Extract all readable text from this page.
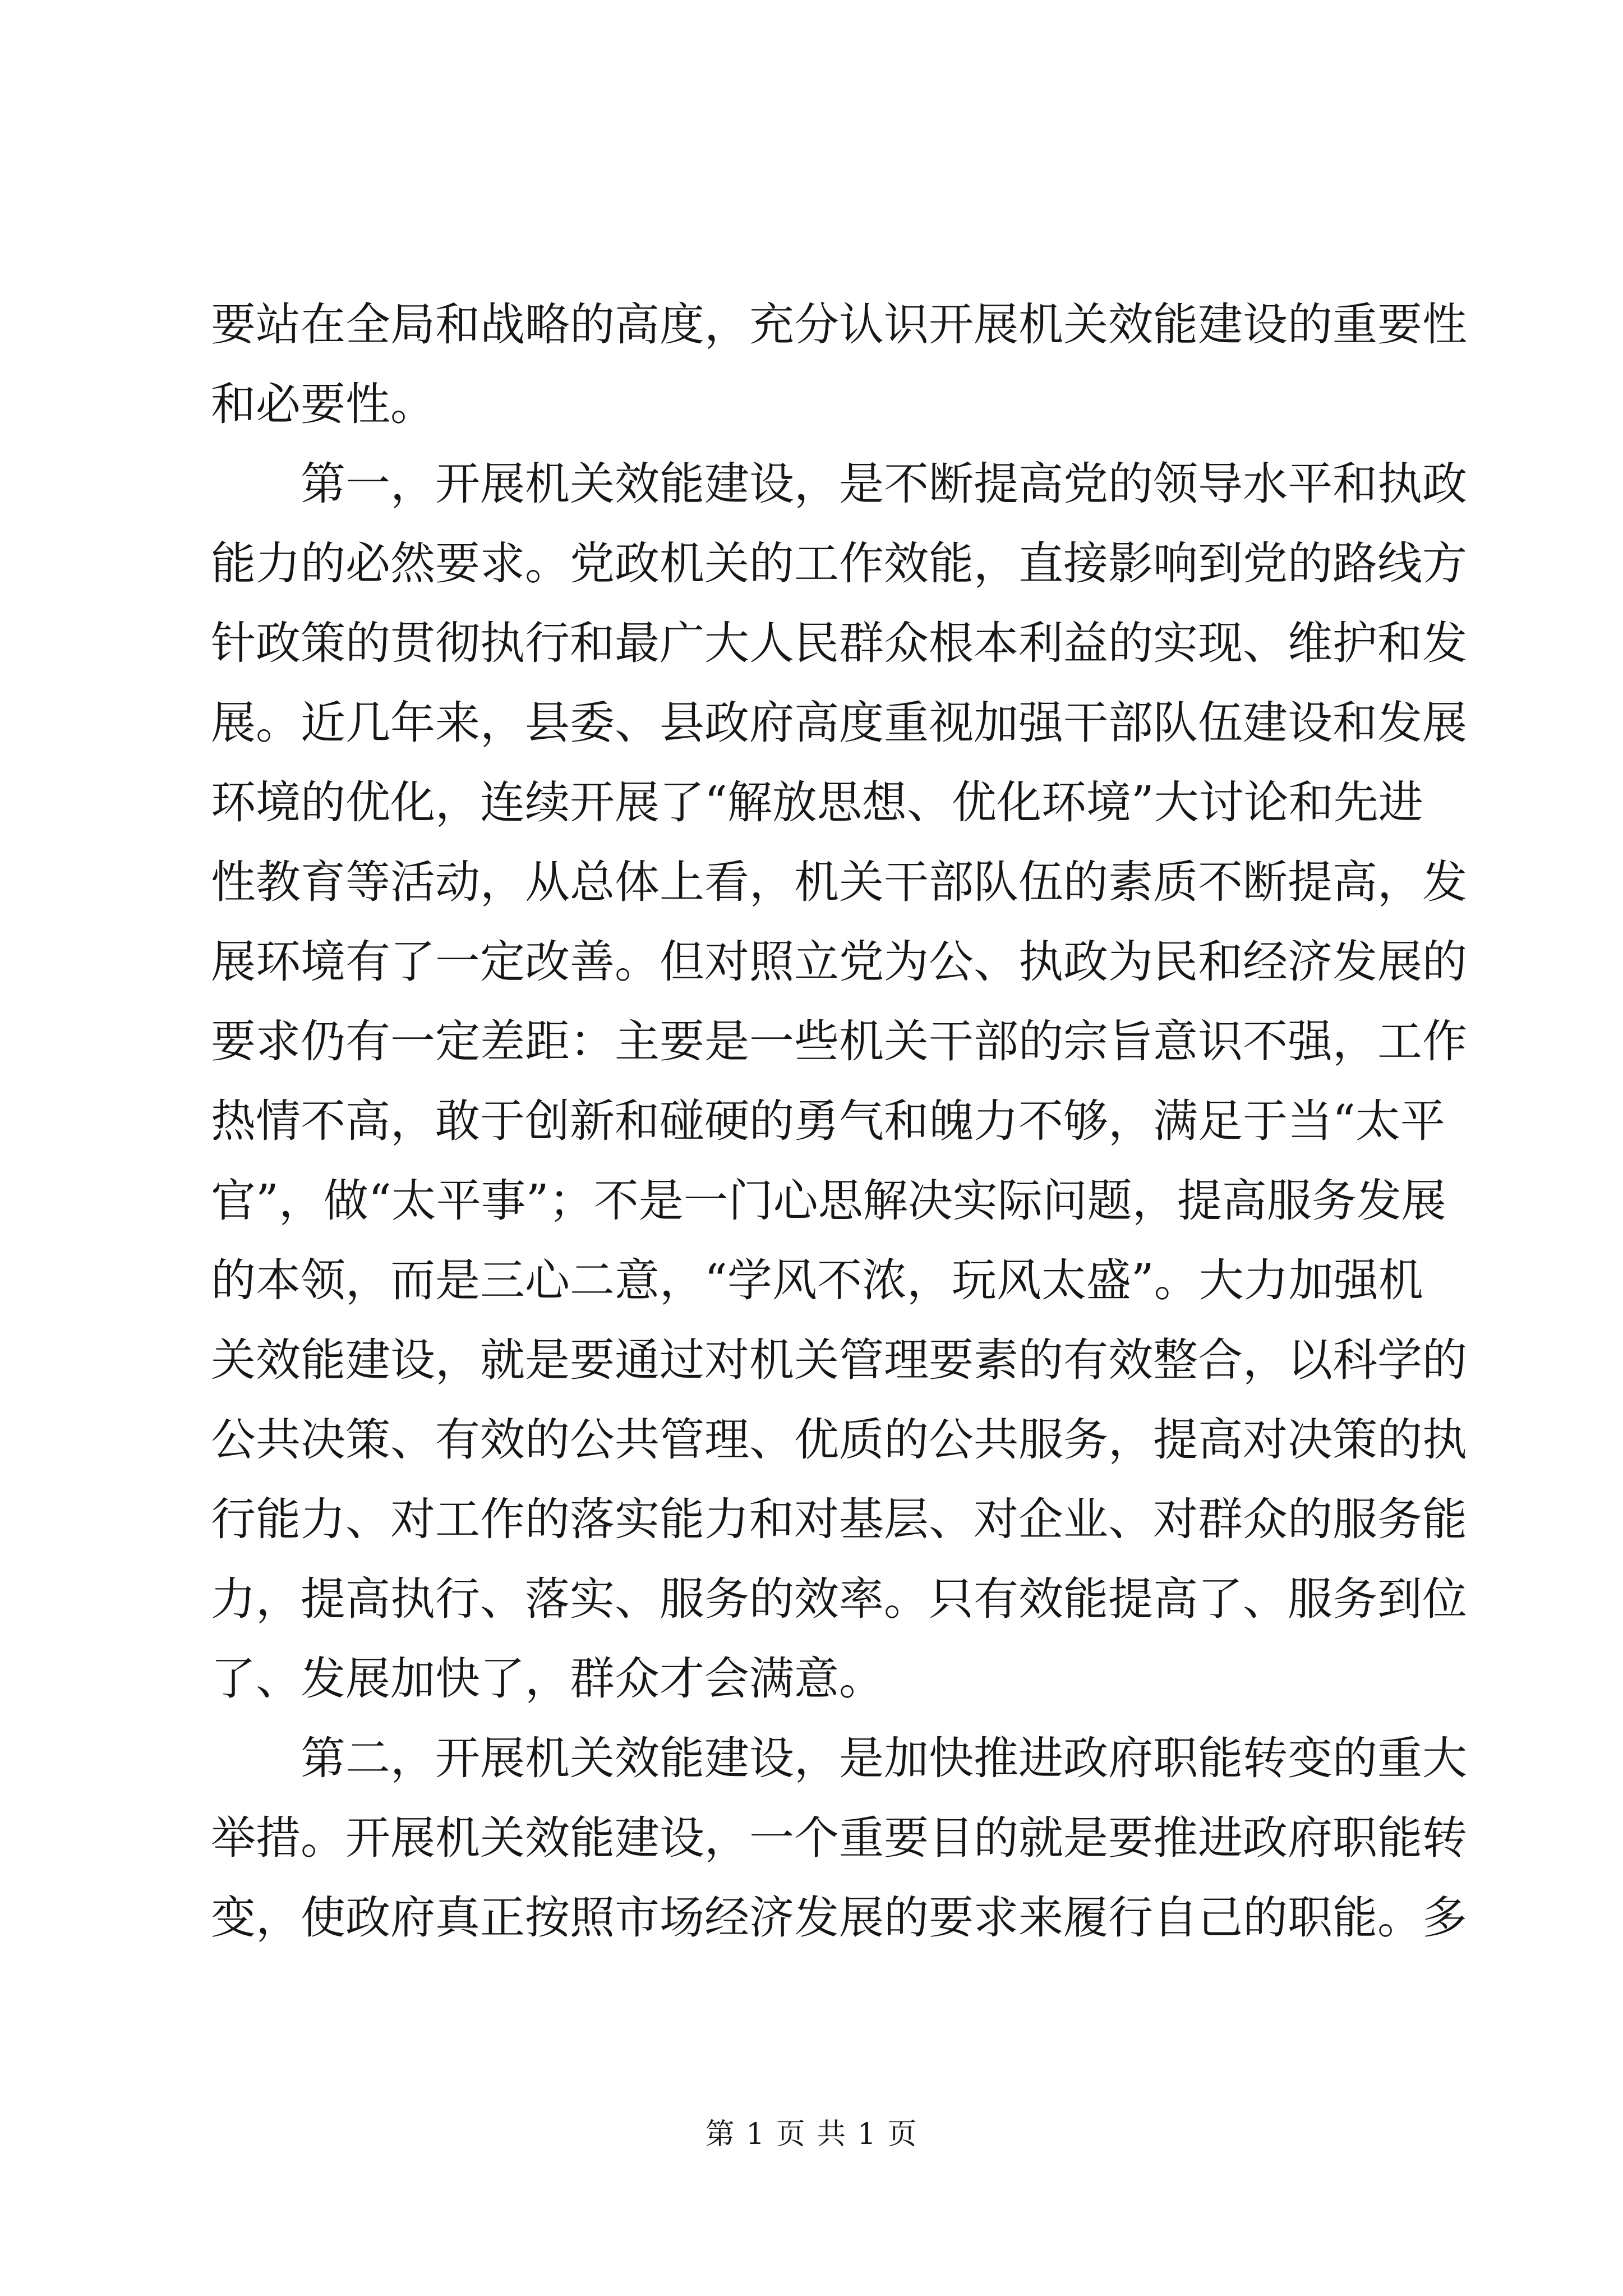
要站在全局和战略的高度，充分认识开展机关效能建设的重要性
和必要性。
第一，开展机关效能建设，是不断提高党的领导水平和执政
能力的必然要求。党政机关的工作效能，直接影响到党的路线方
针政策的贯彻执行和最广大人民群众根本利益的实现、维护和发
展。近几年来，县委、县政府高度重视加强干部队伍建设和发展
环境的优化，连续开展了“解放思想、优化环境”大讨论和先进
性教育等活动，从总体上看，机关干部队伍的素质不断提高，发
展环境有了一定改善。但对照立党为公、执政为民和经济发展的
要求仍有一定差距：主要是一些机关干部的宗旨意识不强，工作
热情不高，敢于创新和碰硬的勇气和魄力不够，满足于当“太平
官”，做“太平事”；不是一门心思解决实际问题，提高服务发展
的本领，而是三心二意，“学风不浓，玩风太盛”。大力加强机
关效能建设，就是要通过对机关管理要素的有效整合，以科学的
公共决策、有效的公共管理、优质的公共服务，提高对决策的执
行能力、对工作的落实能力和对基层、对企业、对群众的服务能
力，提高执行、落实、服务的效率。只有效能提高了、服务到位
了、发展加快了，群众才会满意。
第二，开展机关效能建设，是加快推进政府职能转变的重大
举措。开展机关效能建设，一个重要目的就是要推进政府职能转
变，使政府真正按照市场经济发展的要求来履行自己的职能。多
第 1 页 共 1 页
